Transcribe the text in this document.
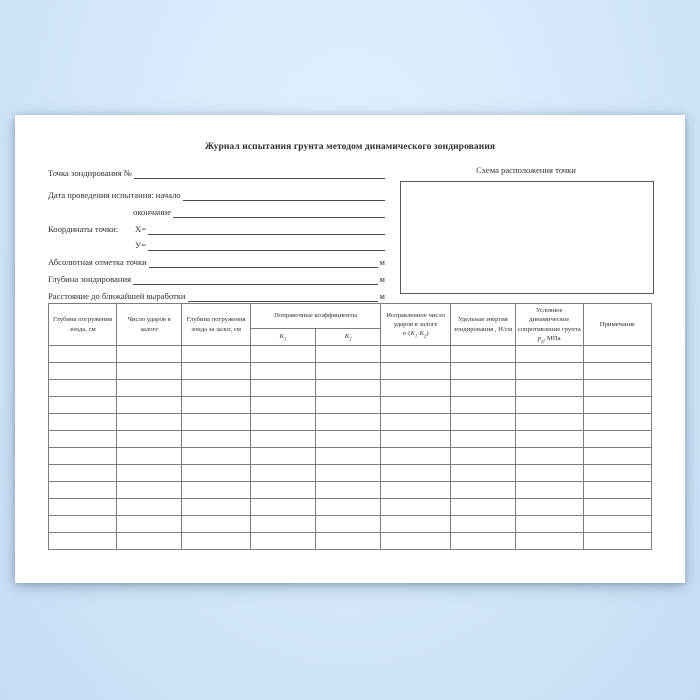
Журнал испытания грунта методом динамического зондирования
Точка зондирования №
Дата проведения испытания: начало
окончание
Координаты точки:	Х=
У=
Абсолютная отметка точки	м
Глубина зондирования	м
Расстояние до ближайшей выработки	м
Схема расположения точки
Глубина погружения зонда, см	Число ударов в залоге	Глубина погружения зонда за залог, см	Поправочные коэффициенты		Исправленное число ударов в залоге $n\cdot(К_1\cdot К_2)$	Удельная энергия зондирования , Н/см	Условное динамическое сопротивление грунта $p_д$, МПа	Примечание
			$К_1$	$К_2$
